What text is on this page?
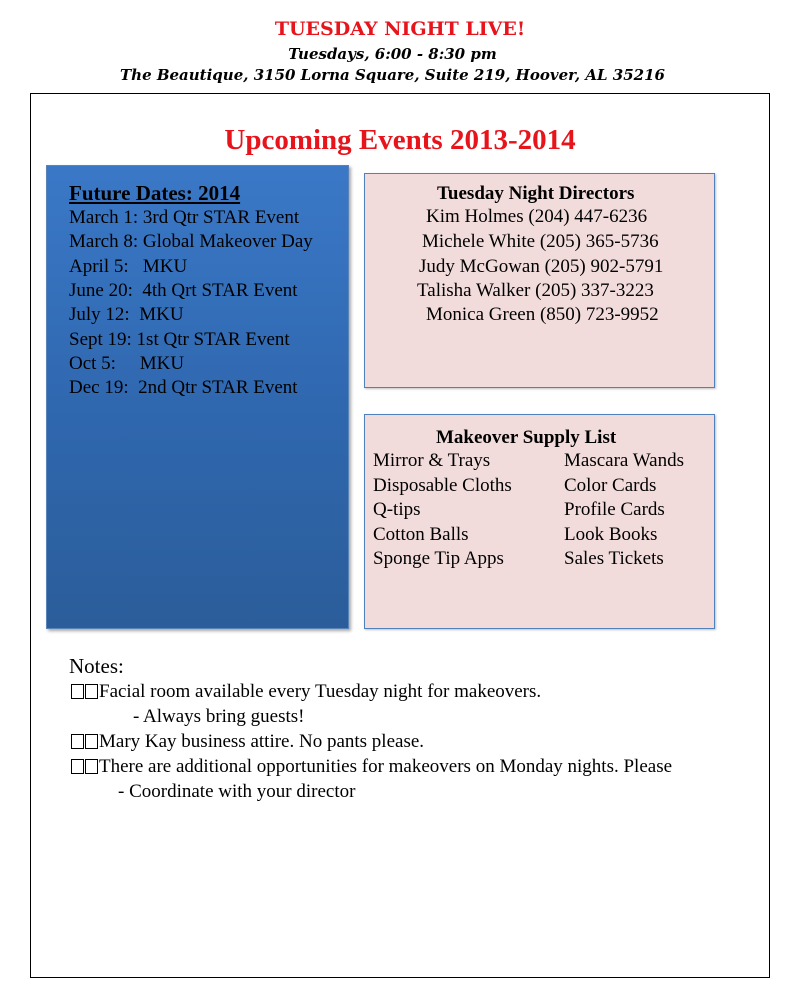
TUESDAY NIGHT LIVE!
Tuesdays, 6:00 - 8:30 pm
The Beautique, 3150 Lorna Square, Suite 219, Hoover, AL 35216
Upcoming Events 2013-2014
Future Dates: 2014
March 1: 3rd Qtr STAR Event
March 8: Global Makeover Day
April 5:   MKU
June 20:  4th Qrt STAR Event
July 12:  MKU
Sept 19: 1st Qtr STAR Event
Oct 5:     MKU
Dec 19:  2nd Qtr STAR Event
Tuesday Night Directors
Kim Holmes (204) 447-6236
Michele White (205) 365-5736
Judy McGowan (205) 902-5791
Talisha Walker (205) 337-3223
Monica Green (850) 723-9952
Makeover Supply List
Mirror & Trays
Disposable Cloths
Q-tips
Cotton Balls
Sponge Tip Apps
Mascara Wands
Color Cards
Profile Cards
Look Books
Sales Tickets
Notes:
Facial room available every Tuesday night for makeovers.
- Always bring guests!
Mary Kay business attire. No pants please.
There are additional opportunities for makeovers on Monday nights. Please
- Coordinate with your director
